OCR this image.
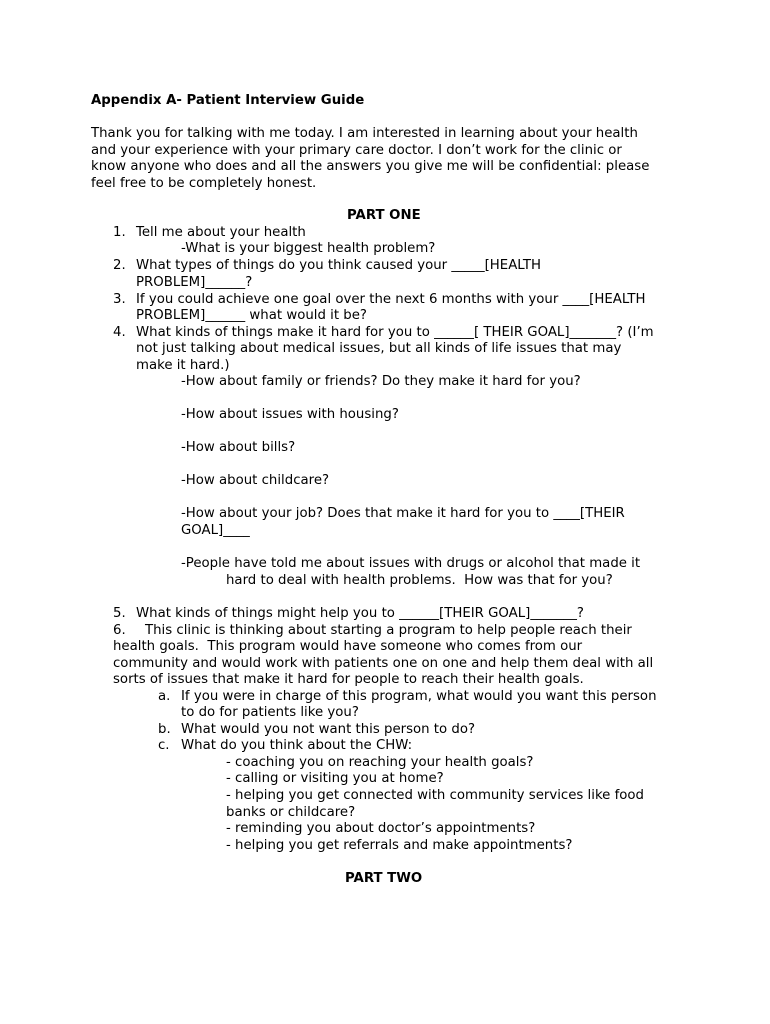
Appendix A- Patient Interview Guide
Thank you for talking with me today. I am interested in learning about your health
and your experience with your primary care doctor. I don’t work for the clinic or
know anyone who does and all the answers you give me will be confidential: please
feel free to be completely honest.
PART ONE
1. Tell me about your health
-What is your biggest health problem?
2. What types of things do you think caused your _____[HEALTH
PROBLEM]______?
3. If you could achieve one goal over the next 6 months with your ____[HEALTH
PROBLEM]______ what would it be?
4. What kinds of things make it hard for you to ______[ THEIR GOAL]_______? (I’m
not just talking about medical issues, but all kinds of life issues that may
make it hard.)
-How about family or friends? Do they make it hard for you?
-How about issues with housing?
-How about bills?
-How about childcare?
-How about your job? Does that make it hard for you to ____[THEIR
GOAL]____
-People have told me about issues with drugs or alcohol that made it
hard to deal with health problems.  How was that for you?
5. What kinds of things might help you to ______[THEIR GOAL]_______?
6. This clinic is thinking about starting a program to help people reach their
health goals.  This program would have someone who comes from our
community and would work with patients one on one and help them deal with all
sorts of issues that make it hard for people to reach their health goals.
a. If you were in charge of this program, what would you want this person
to do for patients like you?
b. What would you not want this person to do?
c. What do you think about the CHW:
- coaching you on reaching your health goals?
- calling or visiting you at home?
- helping you get connected with community services like food
banks or childcare?
- reminding you about doctor’s appointments?
- helping you get referrals and make appointments?
PART TWO
